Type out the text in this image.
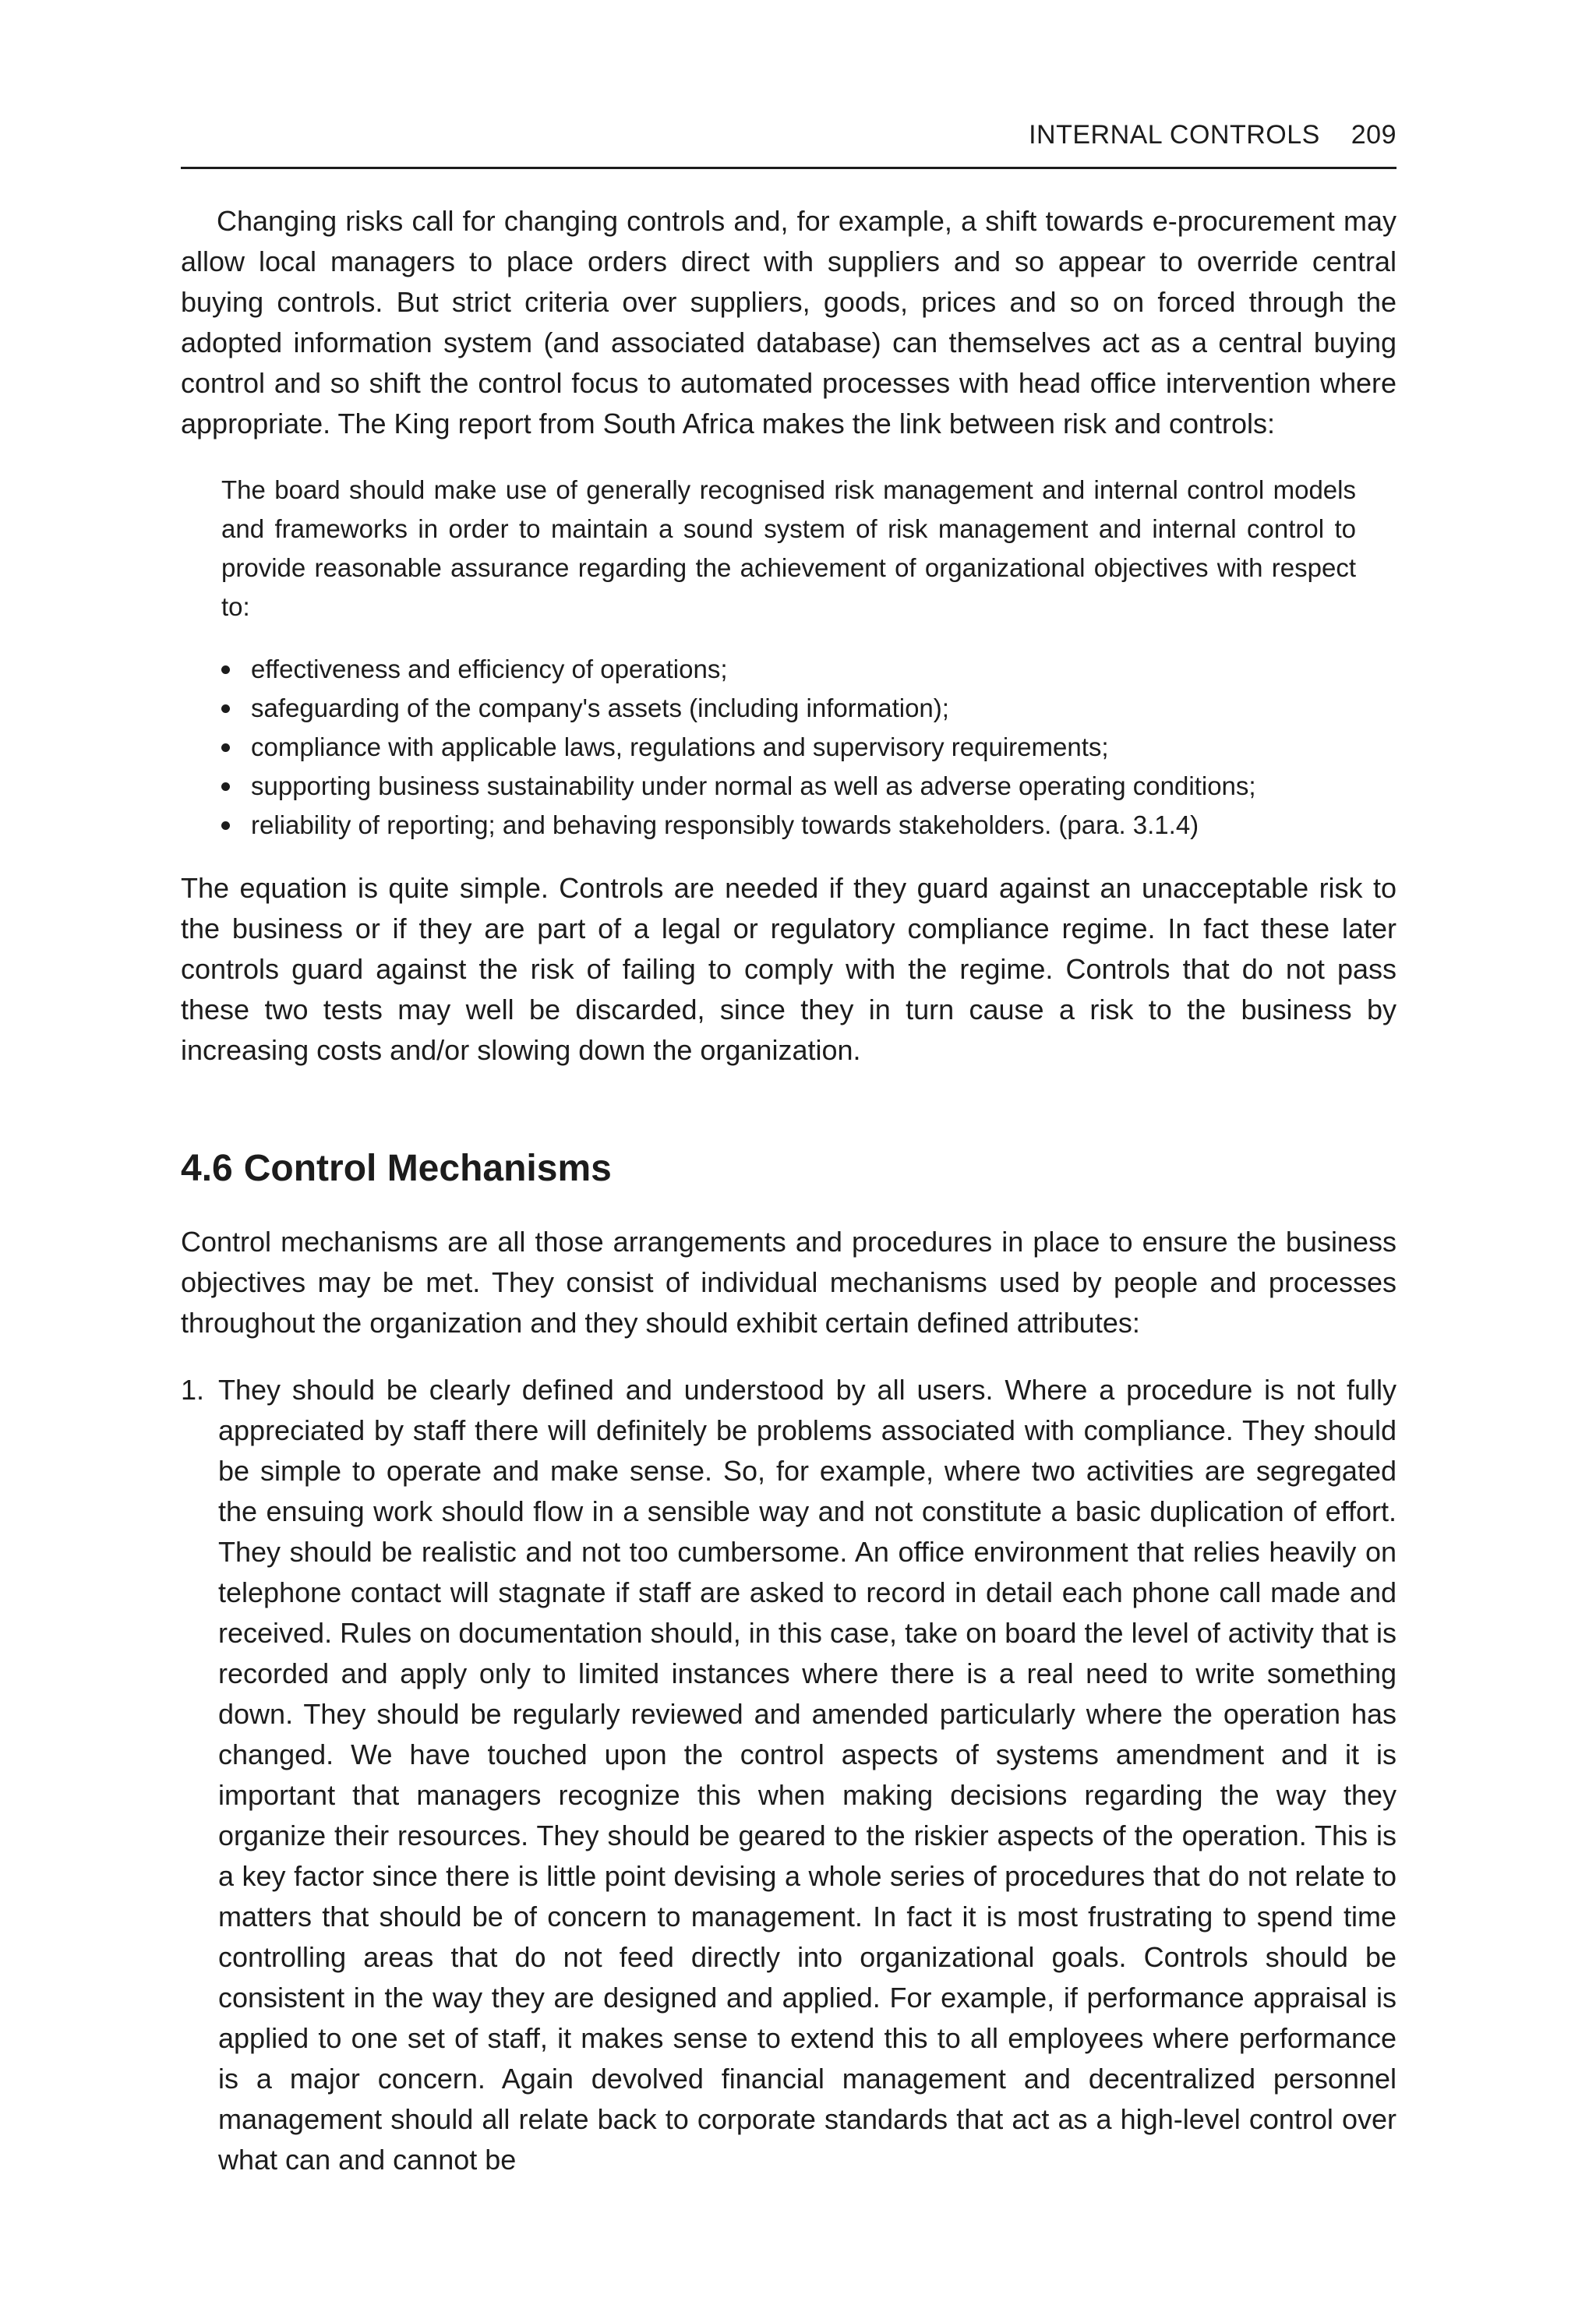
INTERNAL CONTROLS 209

Changing risks call for changing controls and, for example, a shift towards e-procurement may allow local managers to place orders direct with suppliers and so appear to override central buying controls. But strict criteria over suppliers, goods, prices and so on forced through the adopted information system (and associated database) can themselves act as a central buying control and so shift the control focus to automated processes with head office intervention where appropriate. The King report from South Africa makes the link between risk and controls:

The board should make use of generally recognised risk management and internal control models and frameworks in order to maintain a sound system of risk management and internal control to provide reasonable assurance regarding the achievement of organizational objectives with respect to:

effectiveness and efficiency of operations;
safeguarding of the company's assets (including information);
compliance with applicable laws, regulations and supervisory requirements;
supporting business sustainability under normal as well as adverse operating conditions;
reliability of reporting; and behaving responsibly towards stakeholders. (para. 3.1.4)

The equation is quite simple. Controls are needed if they guard against an unacceptable risk to the business or if they are part of a legal or regulatory compliance regime. In fact these later controls guard against the risk of failing to comply with the regime. Controls that do not pass these two tests may well be discarded, since they in turn cause a risk to the business by increasing costs and/or slowing down the organization.

4.6 Control Mechanisms

Control mechanisms are all those arrangements and procedures in place to ensure the business objectives may be met. They consist of individual mechanisms used by people and processes throughout the organization and they should exhibit certain defined attributes:

1. They should be clearly defined and understood by all users. Where a procedure is not fully appreciated by staff there will definitely be problems associated with compliance. They should be simple to operate and make sense. So, for example, where two activities are segregated the ensuing work should flow in a sensible way and not constitute a basic duplication of effort. They should be realistic and not too cumbersome. An office environment that relies heavily on telephone contact will stagnate if staff are asked to record in detail each phone call made and received. Rules on documentation should, in this case, take on board the level of activity that is recorded and apply only to limited instances where there is a real need to write something down. They should be regularly reviewed and amended particularly where the operation has changed. We have touched upon the control aspects of systems amendment and it is important that managers recognize this when making decisions regarding the way they organize their resources. They should be geared to the riskier aspects of the operation. This is a key factor since there is little point devising a whole series of procedures that do not relate to matters that should be of concern to management. In fact it is most frustrating to spend time controlling areas that do not feed directly into organizational goals. Controls should be consistent in the way they are designed and applied. For example, if performance appraisal is applied to one set of staff, it makes sense to extend this to all employees where performance is a major concern. Again devolved financial management and decentralized personnel management should all relate back to corporate standards that act as a high-level control over what can and cannot be
